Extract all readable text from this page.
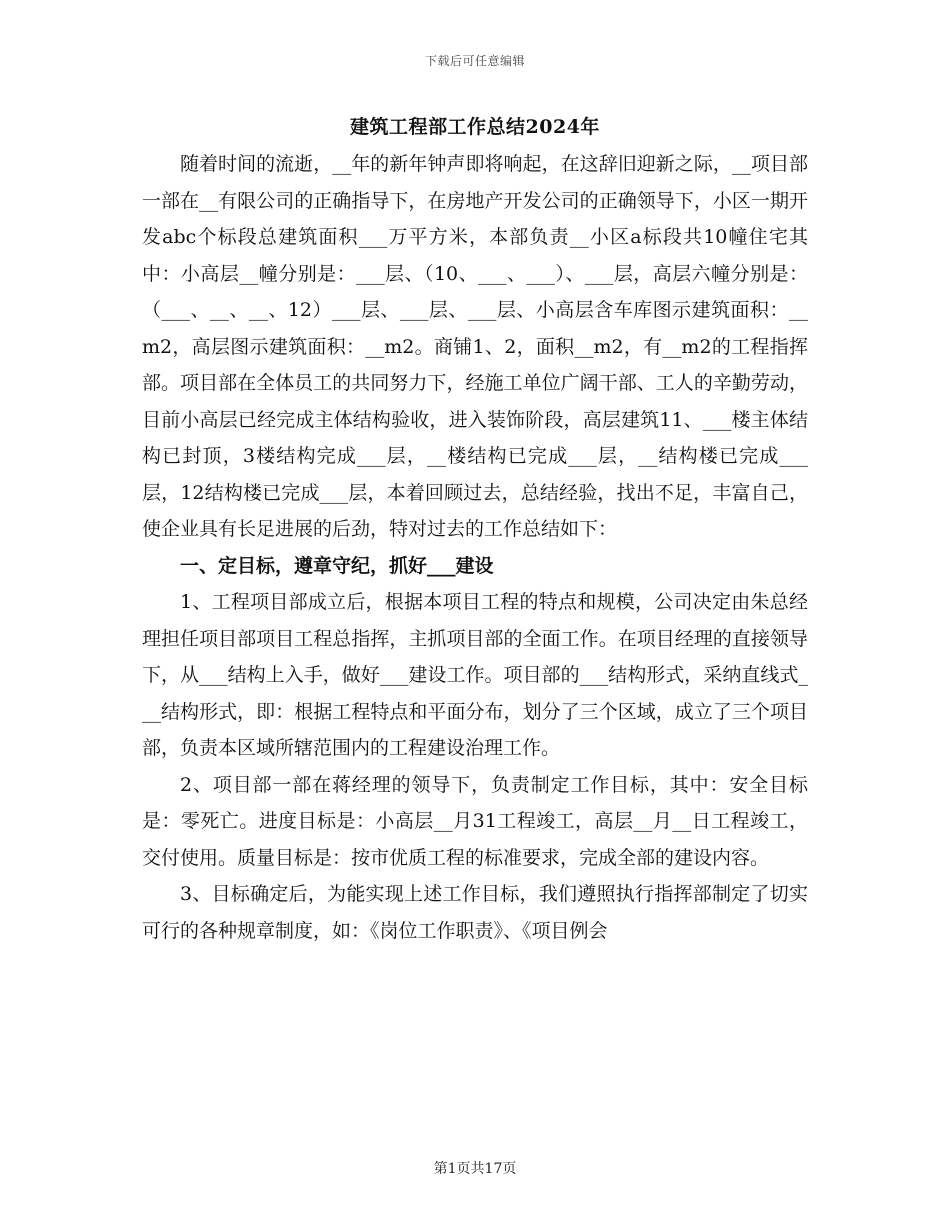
下载后可任意编辑
建筑工程部工作总结2024年

随着时间的流逝，__年的新年钟声即将响起，在这辞旧迎新之际，__项目部一部在__有限公司的正确指导下，在房地产开发公司的正确领导下，小区一期开发abc个标段总建筑面积___万平方米，本部负责__小区a标段共10幢住宅其中：小高层__幢分别是：___层、（10、___、___）、___层，高层六幢分别是：（___、__、__、12）___层、___层、___层、小高层含车库图示建筑面积：__m2，高层图示建筑面积：__m2。商铺1、2，面积__m2，有__m2的工程指挥部。项目部在全体员工的共同努力下，经施工单位广阔干部、工人的辛勤劳动，目前小高层已经完成主体结构验收，进入装饰阶段，高层建筑11、___楼主体结构已封顶，3楼结构完成___层，__楼结构已完成___层，__结构楼已完成___层，12结构楼已完成___层，本着回顾过去，总结经验，找出不足，丰富自己，使企业具有长足进展的后劲，特对过去的工作总结如下：

一、定目标，遵章守纪，抓好___建设

1、工程项目部成立后，根据本项目工程的特点和规模，公司决定由朱总经理担任项目部项目工程总指挥，主抓项目部的全面工作。在项目经理的直接领导下，从___结构上入手，做好___建设工作。项目部的___结构形式，采纳直线式___结构形式，即：根据工程特点和平面分布，划分了三个区域，成立了三个项目部，负责本区域所辖范围内的工程建设治理工作。

2、项目部一部在蒋经理的领导下，负责制定工作目标，其中：安全目标是：零死亡。进度目标是：小高层__月31工程竣工，高层__月__日工程竣工，交付使用。质量目标是：按市优质工程的标准要求，完成全部的建设内容。

3、目标确定后，为能实现上述工作目标，我们遵照执行指挥部制定了切实可行的各种规章制度，如：《岗位工作职责》、《项目例会

第1页共17页
